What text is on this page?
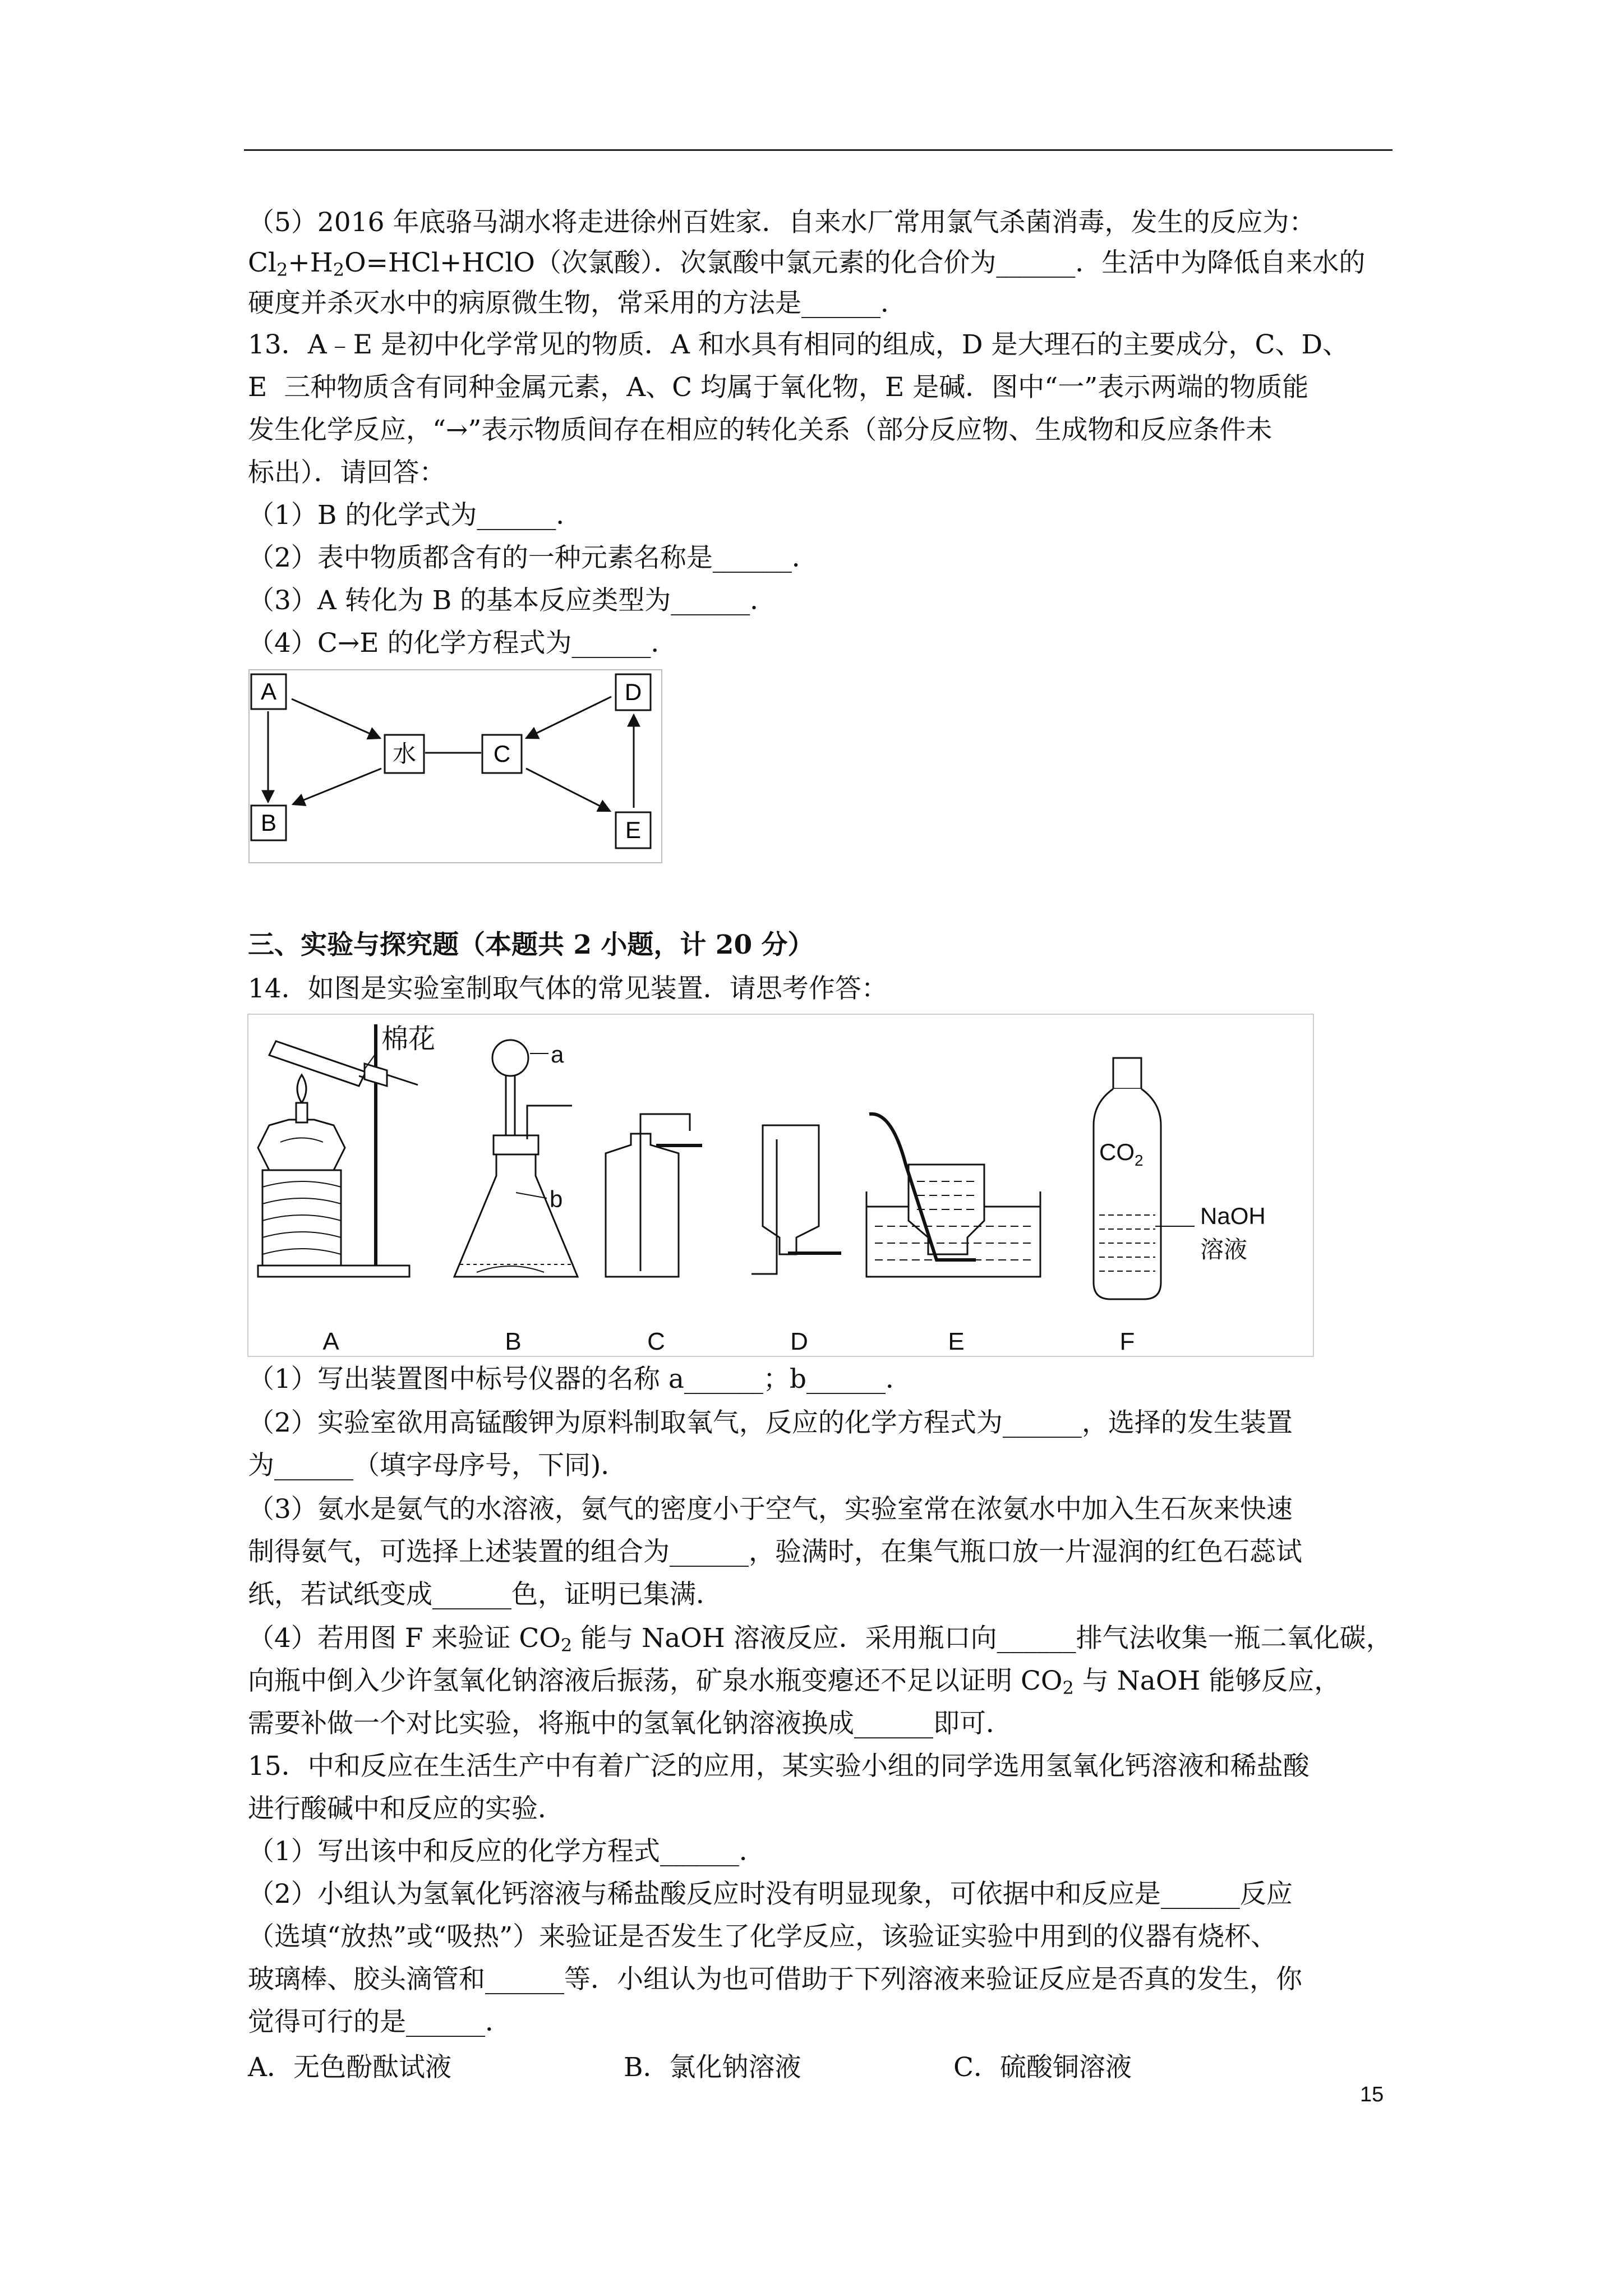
（5）2016 年底骆马湖水将走进徐州百姓家．自来水厂常用氯气杀菌消毒，发生的反应为：
$Cl_2+H_2O=HCl+HClO$（次氯酸）．次氯酸中氯元素的化合价为______．生活中为降低自来水的
硬度并杀灭水中的病原微生物，常采用的方法是______．
13．A﹣E 是初中化学常见的物质．A 和水具有相同的组成，D 是大理石的主要成分，C、D、
E  三种物质含有同种金属元素，A、C 均属于氧化物，E 是碱．图中“一”表示两端的物质能
发生化学反应，“→”表示物质间存在相应的转化关系（部分反应物、生成物和反应条件未
标出）．请回答：
（1）B 的化学式为______．
（2）表中物质都含有的一种元素名称是______．
（3）A 转化为 B 的基本反应类型为______．
（4）C→E 的化学方程式为______．
A
B
水	C
D
E
三、实验与探究题（本题共 2 小题，计 20 分）
14．如图是实验室制取气体的常见装置．请思考作答：
棉花
a
b
$CO_2$
NaOH
溶液
A	B	C	D	E	F
（1）写出装置图中标号仪器的名称 a______；b______．
（2）实验室欲用高锰酸钾为原料制取氧气，反应的化学方程式为______，选择的发生装置
为______（填字母序号，下同)．
（3）氨水是氨气的水溶液，氨气的密度小于空气，实验室常在浓氨水中加入生石灰来快速
制得氨气，可选择上述装置的组合为______，验满时，在集气瓶口放一片湿润的红色石蕊试
纸，若试纸变成______色，证明已集满．
（4）若用图 F 来验证 $CO_2$ 能与 NaOH 溶液反应．采用瓶口向______排气法收集一瓶二氧化碳，
向瓶中倒入少许氢氧化钠溶液后振荡，矿泉水瓶变瘪还不足以证明 $CO_2$ 与 NaOH 能够反应，
需要补做一个对比实验，将瓶中的氢氧化钠溶液换成______即可．
15．中和反应在生活生产中有着广泛的应用，某实验小组的同学选用氢氧化钙溶液和稀盐酸
进行酸碱中和反应的实验．
（1）写出该中和反应的化学方程式______．
（2）小组认为氢氧化钙溶液与稀盐酸反应时没有明显现象，可依据中和反应是______反应
（选填“放热”或“吸热”）来验证是否发生了化学反应，该验证实验中用到的仪器有烧杯、
玻璃棒、胶头滴管和______等．小组认为也可借助于下列溶液来验证反应是否真的发生，你
觉得可行的是______．
A．无色酚酞试液	B．氯化钠溶液	C．硫酸铜溶液
15
